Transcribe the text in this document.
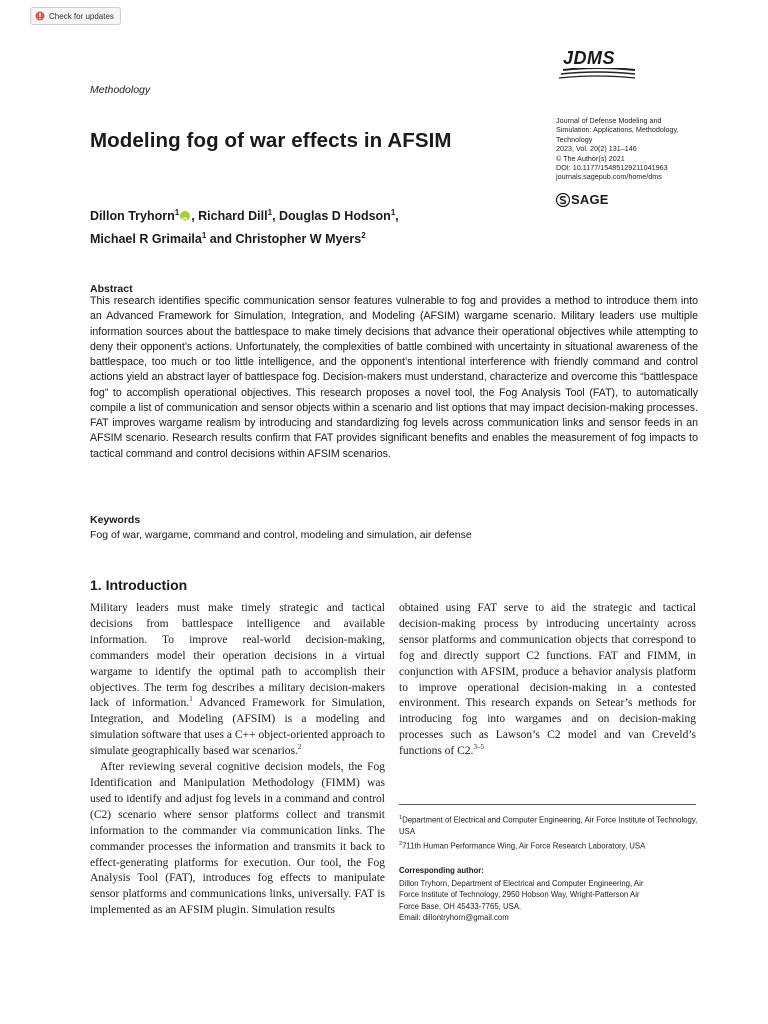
Check for updates
Methodology
JDMS
Journal of Defense Modeling and
Simulation: Applications, Methodology,
Technology
2023, Vol. 20(2) 131–146
© The Author(s) 2021
DOI: 10.1177/15485129211041963
journals.sagepub.com/home/dms
SAGE
Modeling fog of war effects in AFSIM
Dillon Tryhorn$^1$iD , Richard Dill$^1$, Douglas D Hodson$^1$,
Michael R Grimaila$^1$ and Christopher W Myers$^2$
Abstract
This research identifies specific communication sensor features vulnerable to fog and provides a method to introduce them into an Advanced Framework for Simulation, Integration, and Modeling (AFSIM) wargame scenario. Military leaders use multiple information sources about the battlespace to make timely decisions that advance their operational objectives while attempting to deny their opponent’s actions. Unfortunately, the complexities of battle combined with uncertainty in situational awareness of the battlespace, too much or too little intelligence, and the opponent’s intentional interference with friendly command and control actions yield an abstract layer of battlespace fog. Decision-makers must understand, characterize and overcome this “battlespace fog” to accomplish operational objectives. This research proposes a novel tool, the Fog Analysis Tool (FAT), to automatically compile a list of communication and sensor objects within a scenario and list options that may impact decision-making processes. FAT improves wargame realism by introducing and standardizing fog levels across communication links and sensor feeds in an AFSIM scenario. Research results confirm that FAT provides significant benefits and enables the measurement of fog impacts to tactical command and control decisions within AFSIM scenarios.
Keywords
Fog of war, wargame, command and control, modeling and simulation, air defense
1. Introduction

Military leaders must make timely strategic and tactical decisions from battlespace intelligence and available information. To improve real-world decision-making, commanders model their operation decisions in a virtual wargame to identify the optimal path to accomplish their objectives. The term fog describes a military decision-makers lack of information.$^1$ Advanced Framework for Simulation, Integration, and Modeling (AFSIM) is a modeling and simulation software that uses a C++ object-oriented approach to simulate geographically based war scenarios.$^2$

After reviewing several cognitive decision models, the Fog Identification and Manipulation Methodology (FIMM) was used to identify and adjust fog levels in a command and control (C2) scenario where sensor platforms collect and transmit information to the commander via communication links. The commander processes the information and transmits it back to effect-generating platforms for execution. Our tool, the Fog Analysis Tool (FAT), introduces fog effects to manipulate sensor platforms and communications links, universally. FAT is implemented as an AFSIM plugin. Simulation results

obtained using FAT serve to aid the strategic and tactical decision-making process by introducing uncertainty across sensor platforms and communication objects that correspond to fog and directly support C2 functions. FAT and FIMM, in conjunction with AFSIM, produce a behavior analysis platform to improve operational decision-making in a contested environment. This research expands on Setear’s methods for introducing fog into wargames and on decision-making processes such as Lawson’s C2 model and van Creveld’s functions of C2.$^{3-5}$

$^1$Department of Electrical and Computer Engineering, Air Force Institute of Technology, USA
$^2$711th Human Performance Wing, Air Force Research Laboratory, USA
Corresponding author:
Dillon Tryhorn, Department of Electrical and Computer Engineering, Air
Force Institute of Technology, 2950 Hobson Way, Wright-Patterson Air
Force Base, OH 45433-7765, USA.
Email: dillontryhorn@gmail.com
